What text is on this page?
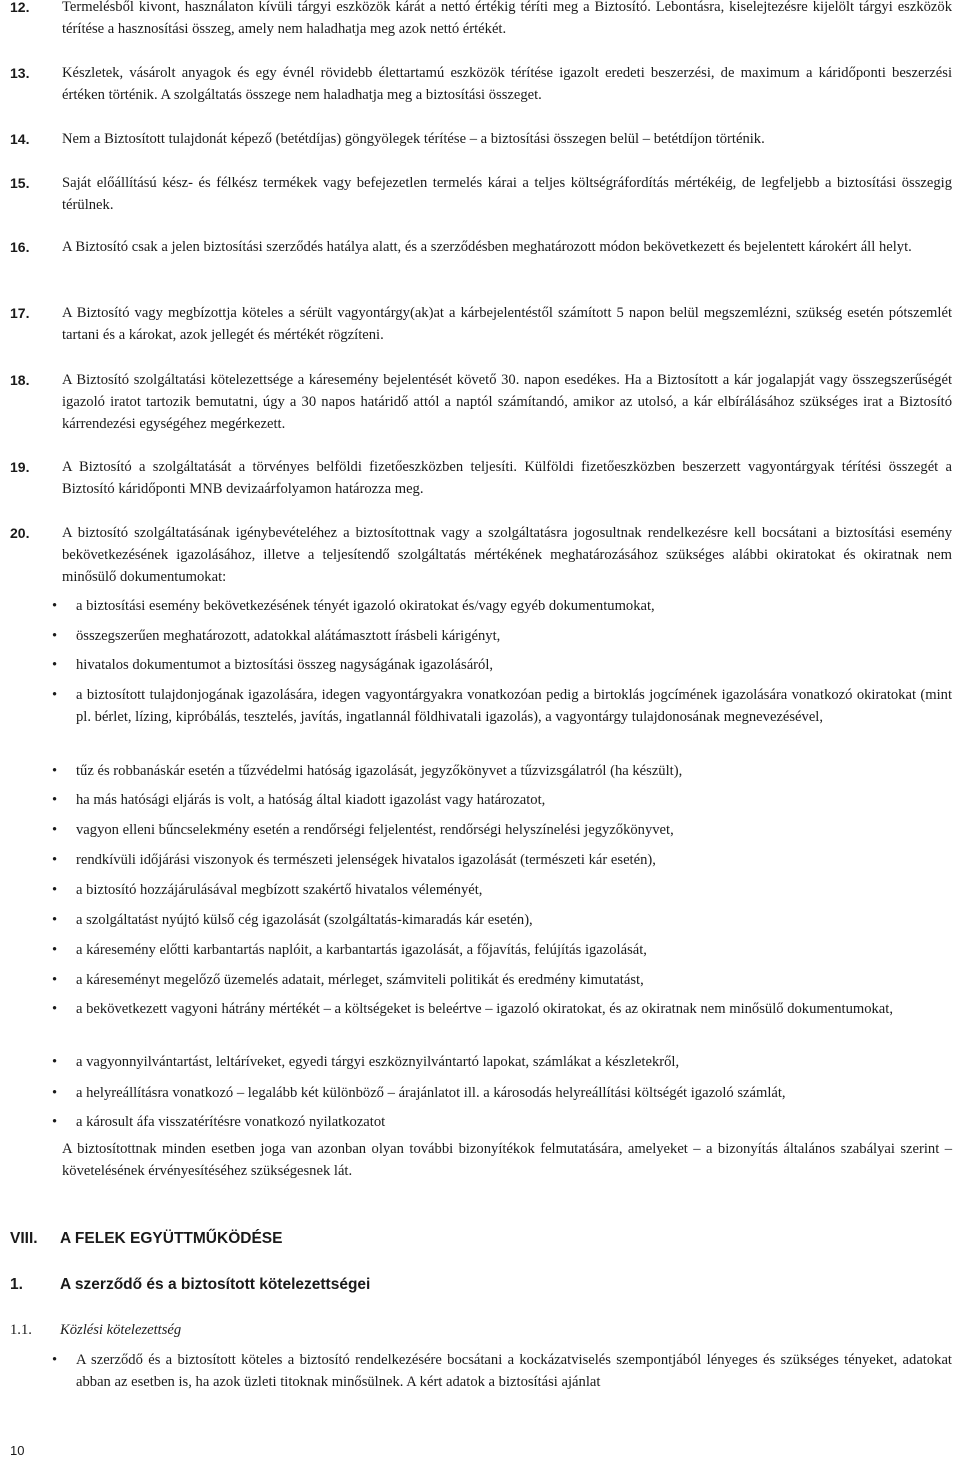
12. Termelésből kivont, használaton kívüli tárgyi eszközök kárát a nettó értékig téríti meg a Biztosító. Lebontásra, kiselejtezésre kijelölt tárgyi eszközök térítése a hasznosítási összeg, amely nem haladhatja meg azok nettó értékét.

13. Készletek, vásárolt anyagok és egy évnél rövidebb élettartamú eszközök térítése igazolt eredeti beszerzési, de maximum a káridőponti beszerzési értéken történik. A szolgáltatás összege nem haladhatja meg a biztosítási összeget.

14. Nem a Biztosított tulajdonát képező (betétdíjas) göngyölegek térítése – a biztosítási összegen belül – betétdíjon történik.

15. Saját előállítású kész- és félkész termékek vagy befejezetlen termelés kárai a teljes költségráfordítás mértékéig, de legfeljebb a biztosítási összegig térülnek.

16. A Biztosító csak a jelen biztosítási szerződés hatálya alatt, és a szerződésben meghatározott módon bekövetkezett és bejelentett károkért áll helyt.

17. A Biztosító vagy megbízottja köteles a sérült vagyontárgy(ak)at a kárbejelentéstől számított 5 napon belül megszemlézni, szükség esetén pótszemlét tartani és a károkat, azok jellegét és mértékét rögzíteni.

18. A Biztosító szolgáltatási kötelezettsége a káresemény bejelentését követő 30. napon esedékes. Ha a Biztosított a kár jogalapját vagy összegszerűségét igazoló iratot tartozik bemutatni, úgy a 30 napos határidő attól a naptól számítandó, amikor az utolsó, a kár elbírálásához szükséges irat a Biztosító kárrendezési egységéhez megérkezett.

19. A Biztosító a szolgáltatását a törvényes belföldi fizetőeszközben teljesíti. Külföldi fizetőeszközben beszerzett vagyontárgyak térítési összegét a Biztosító káridőponti MNB devizaárfolyamon határozza meg.

20. A biztosító szolgáltatásának igénybevételéhez a biztosítottnak vagy a szolgáltatásra jogosultnak rendelkezésre kell bocsátani a biztosítási esemény bekövetkezésének igazolásához, illetve a teljesítendő szolgáltatás mértékének meghatározásához szükséges alábbi okiratokat és okiratnak nem minősülő dokumentumokat:

• a biztosítási esemény bekövetkezésének tényét igazoló okiratokat és/vagy egyéb dokumentumokat,

• összegszerűen meghatározott, adatokkal alátámasztott írásbeli kárigényt,

• hivatalos dokumentumot a biztosítási összeg nagyságának igazolásáról,

• a biztosított tulajdonjogának igazolására, idegen vagyontárgyakra vonatkozóan pedig a birtoklás jogcímének igazolására vonatkozó okiratokat (mint pl. bérlet, lízing, kipróbálás, tesztelés, javítás, ingatlannál földhivatali igazolás), a vagyontárgy tulajdonosának megnevezésével,

• tűz és robbanáskár esetén a tűzvédelmi hatóság igazolását, jegyzőkönyvet a tűzvizsgálatról (ha készült),

• ha más hatósági eljárás is volt, a hatóság által kiadott igazolást vagy határozatot,

• vagyon elleni bűncselekmény esetén a rendőrségi feljelentést, rendőrségi helyszínelési jegyzőkönyvet,

• rendkívüli időjárási viszonyok és természeti jelenségek hivatalos igazolását (természeti kár esetén),

• a biztosító hozzájárulásával megbízott szakértő hivatalos véleményét,

• a szolgáltatást nyújtó külső cég igazolását (szolgáltatás-kimaradás kár esetén),

• a káresemény előtti karbantartás naplóit, a karbantartás igazolását, a főjavítás, felújítás igazolását,

• a káreseményt megelőző üzemelés adatait, mérleget, számviteli politikát és eredmény kimutatást,

• a bekövetkezett vagyoni hátrány mértékét – a költségeket is beleértve – igazoló okiratokat, és az okiratnak nem minősülő dokumentumokat,

• a vagyonnyilvántartást, leltáríveket, egyedi tárgyi eszköznyilvántartó lapokat, számlákat a készletekről,

• a helyreállításra vonatkozó – legalább két különböző – árajánlatot ill. a károsodás helyreállítási költségét igazoló számlát,

• a károsult áfa visszatérítésre vonatkozó nyilatkozatot

A biztosítottnak minden esetben joga van azonban olyan további bizonyítékok felmutatására, amelyeket – a bizonyítás általános szabályai szerint – követelésének érvényesítéséhez szükségesnek lát.

VIII. A FELEK EGYÜTTMŰKÖDÉSE
1. A szerződő és a biztosított kötelezettségei
1.1. Közlési kötelezettség
• A szerződő és a biztosított köteles a biztosító rendelkezésére bocsátani a kockázatviselés szempontjából lényeges és szükséges tényeket, adatokat abban az esetben is, ha azok üzleti titoknak minősülnek. A kért adatok a biztosítási ajánlat

10
